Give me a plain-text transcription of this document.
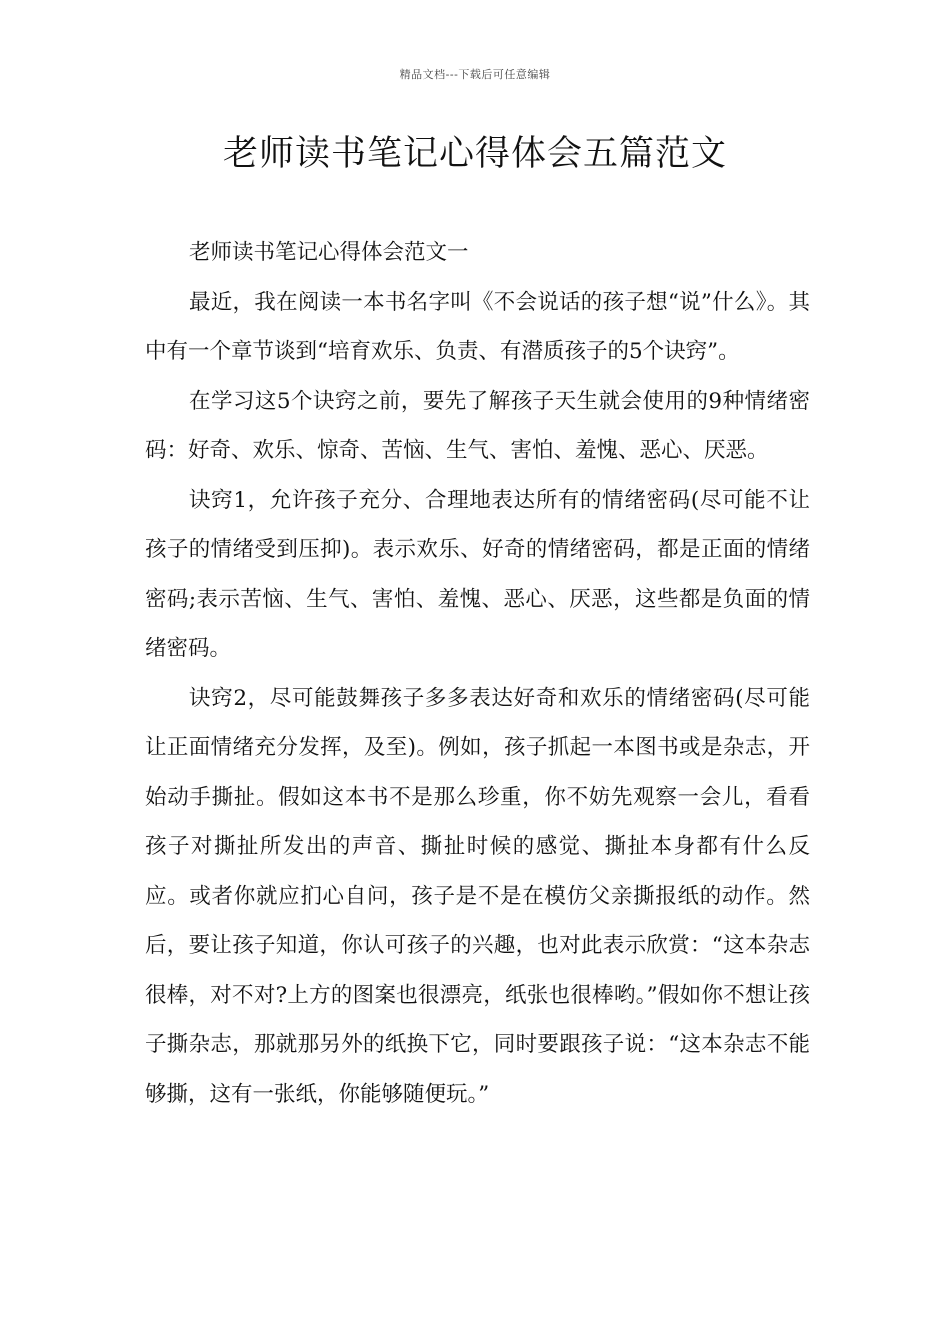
精品文档---下载后可任意编辑
老师读书笔记心得体会五篇范文

老师读书笔记心得体会范文一

最近，我在阅读一本书名字叫《不会说话的孩子想“说”什么》。其中有一个章节谈到“培育欢乐、负责、有潜质孩子的5个诀窍”。

在学习这5个诀窍之前，要先了解孩子天生就会使用的9种情绪密码：好奇、欢乐、惊奇、苦恼、生气、害怕、羞愧、恶心、厌恶。

诀窍1，允许孩子充分、合理地表达所有的情绪密码(尽可能不让孩子的情绪受到压抑)。表示欢乐、好奇的情绪密码，都是正面的情绪密码;表示苦恼、生气、害怕、羞愧、恶心、厌恶，这些都是负面的情绪密码。

诀窍2，尽可能鼓舞孩子多多表达好奇和欢乐的情绪密码(尽可能让正面情绪充分发挥，及至)。例如，孩子抓起一本图书或是杂志，开始动手撕扯。假如这本书不是那么珍重，你不妨先观察一会儿，看看孩子对撕扯所发出的声音、撕扯时候的感觉、撕扯本身都有什么反应。或者你就应扪心自问，孩子是不是在模仿父亲撕报纸的动作。然后，要让孩子知道，你认可孩子的兴趣，也对此表示欣赏：“这本杂志很棒，对不对?上方的图案也很漂亮，纸张也很棒哟。”假如你不想让孩子撕杂志，那就那另外的纸换下它，同时要跟孩子说：“这本杂志不能够撕，这有一张纸，你能够随便玩。”
